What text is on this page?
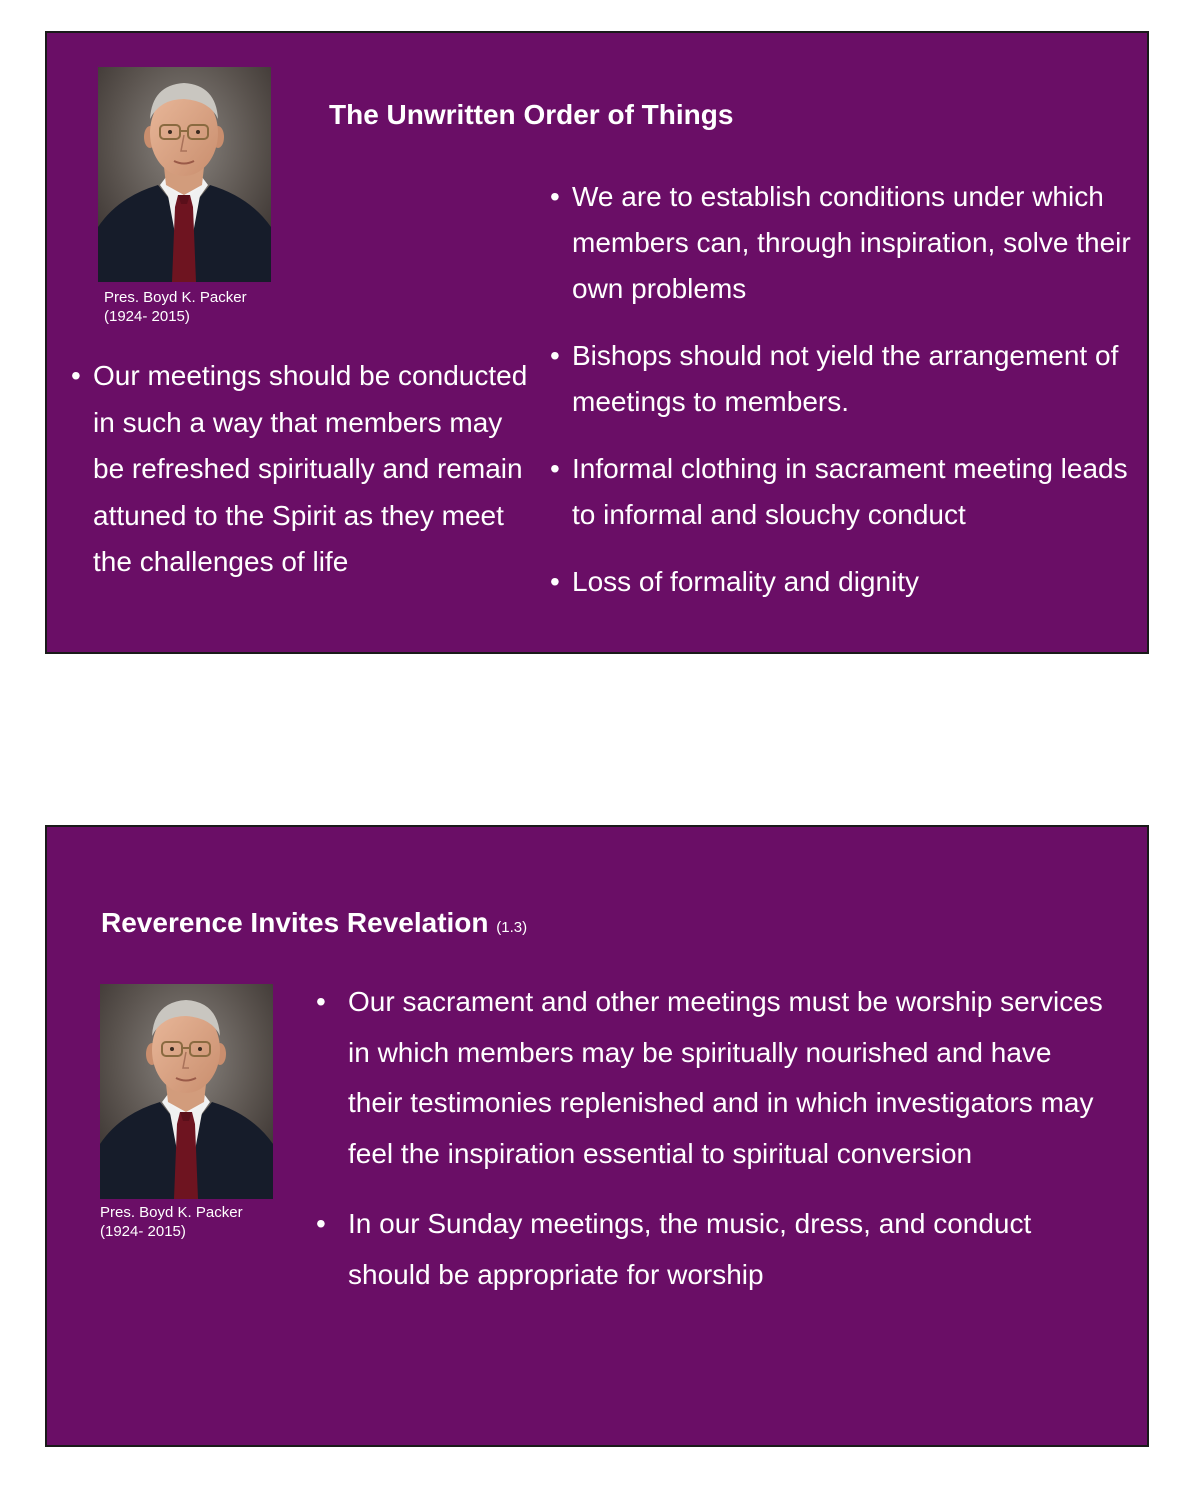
Pres. Boyd K. Packer
(1924- 2015)
The Unwritten Order of Things
• Our meetings should be conducted in such a way that members may be refreshed spiritually and remain attuned to the Spirit as they meet the challenges of life
• We are to establish conditions under which members can, through inspiration, solve their own problems
• Bishops should not yield the arrangement of meetings to members.
• Informal clothing in sacrament meeting leads to informal and slouchy conduct
• Loss of formality and dignity
Reverence Invites Revelation (1.3)
Pres. Boyd K. Packer
(1924- 2015)
• Our sacrament and other meetings must be worship services in which members may be spiritually nourished and have their testimonies replenished and in which investigators may feel the inspiration essential to spiritual conversion
• In our Sunday meetings, the music, dress, and conduct should be appropriate for worship
